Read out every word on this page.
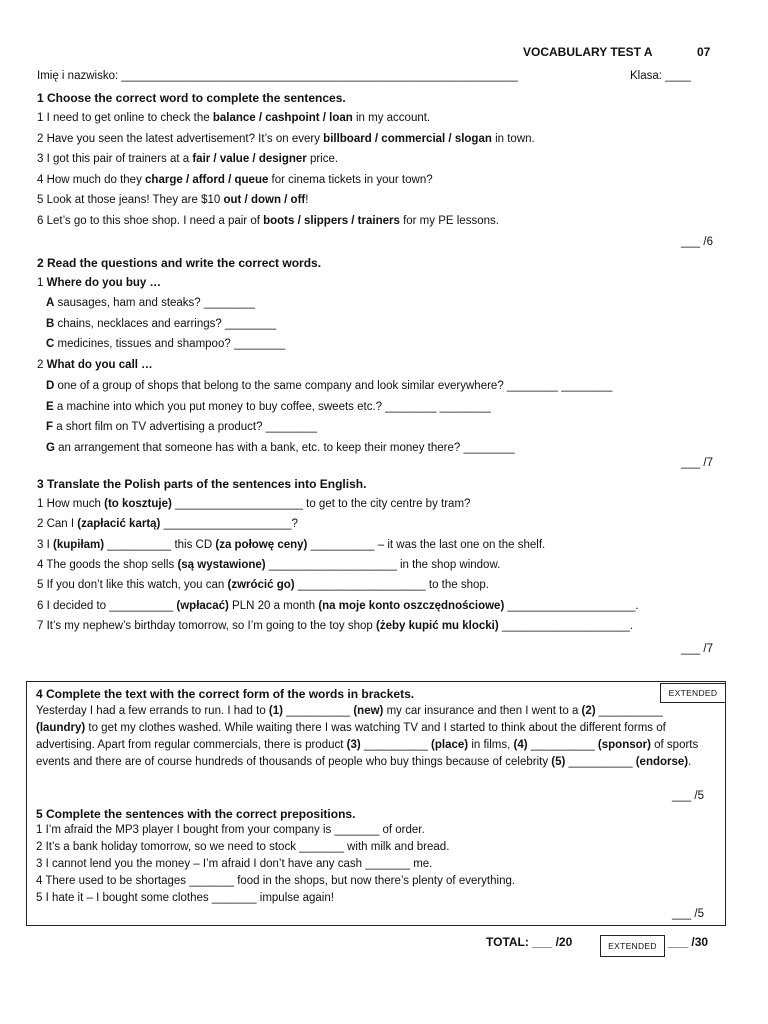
VOCABULARY TEST A	07
Imię i nazwisko: ______________________________________________________________	Klasa: ____
1 Choose the correct word to complete the sentences.
1 I need to get online to check the balance / cashpoint / loan in my account.
2 Have you seen the latest advertisement? It’s on every billboard / commercial / slogan in town.
3 I got this pair of trainers at a fair / value / designer price.
4 How much do they charge / afford / queue for cinema tickets in your town?
5 Look at those jeans! They are $10 out / down / off!
6 Let’s go to this shoe shop. I need a pair of boots / slippers / trainers for my PE lessons.
___ /6
2 Read the questions and write the correct words.
1 Where do you buy …
A sausages, ham and steaks? ________
B chains, necklaces and earrings? ________
C medicines, tissues and shampoo? ________
2 What do you call …
D one of a group of shops that belong to the same company and look similar everywhere? ________ ________
E a machine into which you put money to buy coffee, sweets etc.? ________ ________
F a short film on TV advertising a product? ________
G an arrangement that someone has with a bank, etc. to keep their money there? ________
___ /7
3 Translate the Polish parts of the sentences into English.
1 How much (to kosztuje) ____________________ to get to the city centre by tram?
2 Can I (zapłacić kartą) ____________________?
3 I (kupiłam) __________ this CD (za połowę ceny) __________ – it was the last one on the shelf.
4 The goods the shop sells (są wystawione) ____________________ in the shop window.
5 If you don’t like this watch, you can (zwrócić go) ____________________ to the shop.
6 I decided to __________ (wpłacać) PLN 20 a month (na moje konto oszczędnościowe) ____________________.
7 It’s my nephew’s birthday tomorrow, so I’m going to the toy shop (żeby kupić mu klocki) ____________________.
___ /7
EXTENDED
4 Complete the text with the correct form of the words in brackets.
Yesterday I had a few errands to run. I had to (1) __________ (new) my car insurance and then I went to a (2) __________ (laundry) to get my clothes washed. While waiting there I was watching TV and I started to think about the different forms of advertising. Apart from regular commercials, there is product (3) __________ (place) in films, (4) __________ (sponsor) of sports events and there are of course hundreds of thousands of people who buy things because of celebrity (5) __________ (endorse).
___ /5
5 Complete the sentences with the correct prepositions.
1 I’m afraid the MP3 player I bought from your company is _______ of order.
2 It’s a bank holiday tomorrow, so we need to stock _______ with milk and bread.
3 I cannot lend you the money – I’m afraid I don’t have any cash _______ me.
4 There used to be shortages _______ food in the shops, but now there’s plenty of everything.
5 I hate it – I bought some clothes _______ impulse again!
___ /5
TOTAL: ___ /20	EXTENDED ___ /30
